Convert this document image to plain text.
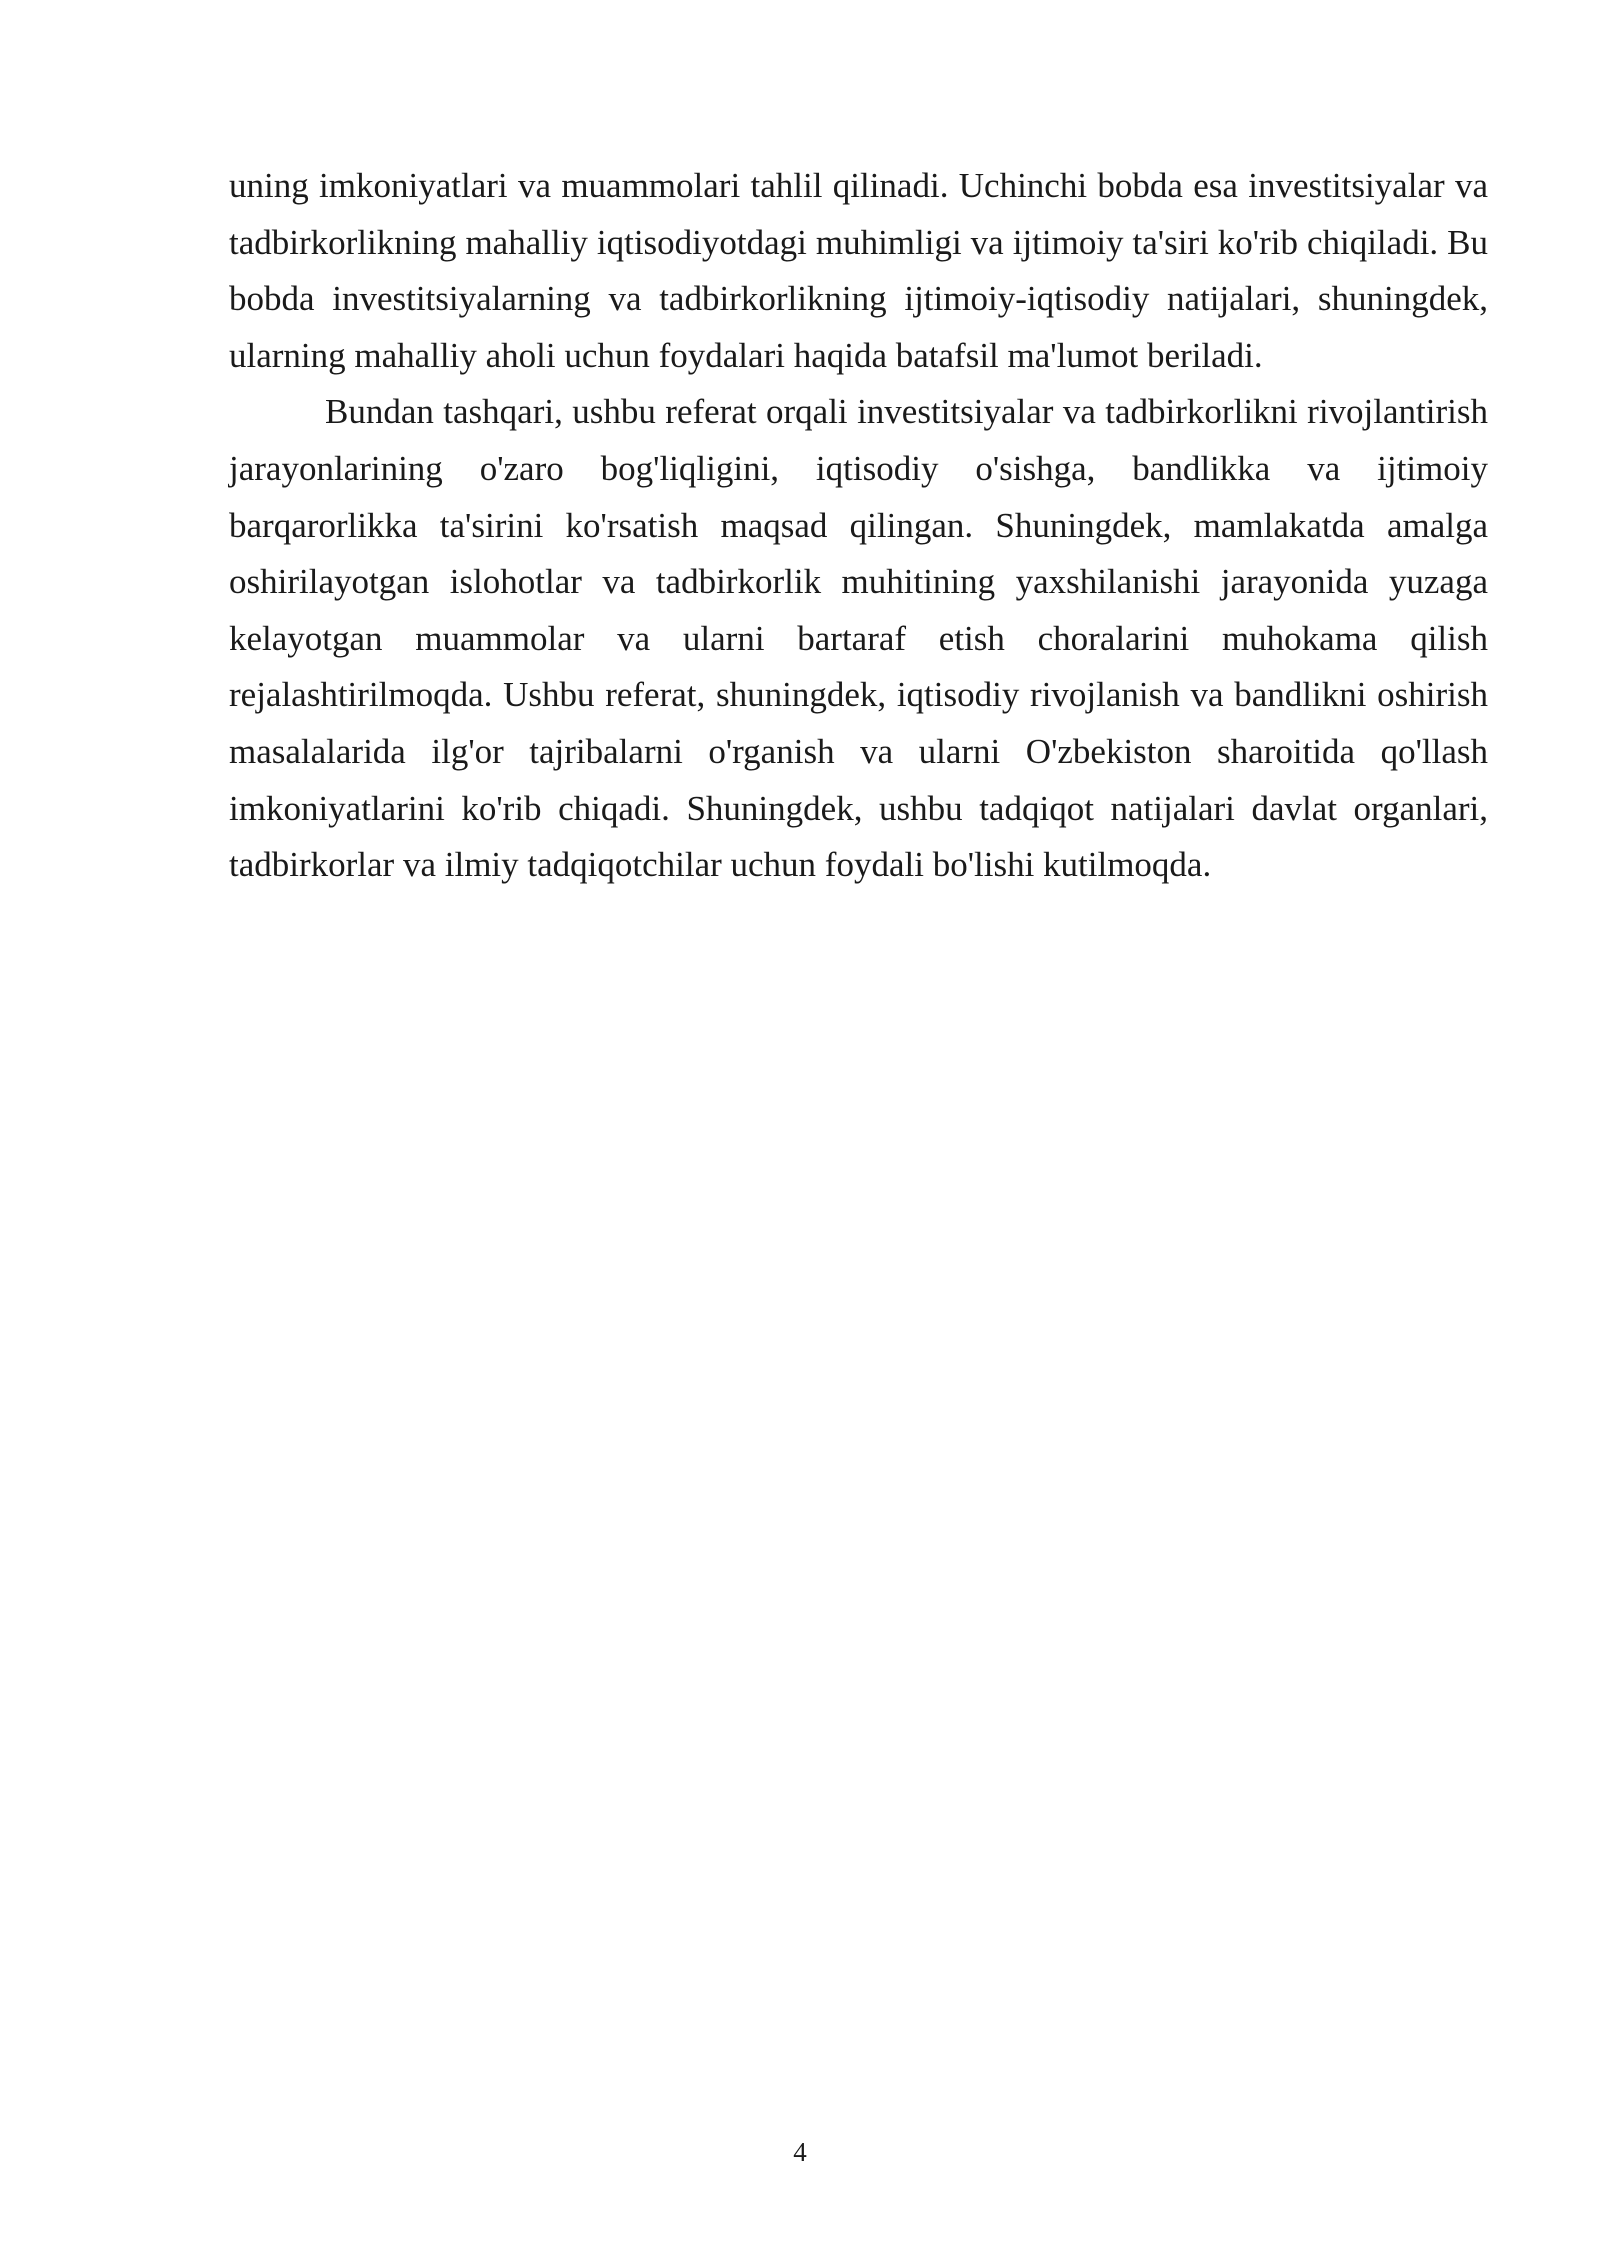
uning imkoniyatlari va muammolari tahlil qilinadi. Uchinchi bobda esa investitsiyalar va tadbirkorlikning mahalliy iqtisodiyotdagi muhimligi va ijtimoiy ta'siri ko'rib chiqiladi. Bu bobda investitsiyalarning va tadbirkorlikning ijtimoiy-iqtisodiy natijalari, shuningdek, ularning mahalliy aholi uchun foydalari haqida batafsil ma'lumot beriladi.

Bundan tashqari, ushbu referat orqali investitsiyalar va tadbirkorlikni rivojlantirish jarayonlarining o'zaro bog'liqligini, iqtisodiy o'sishga, bandlikka va ijtimoiy barqarorlikka ta'sirini ko'rsatish maqsad qilingan. Shuningdek, mamlakatda amalga oshirilayotgan islohotlar va tadbirkorlik muhitining yaxshilanishi jarayonida yuzaga kelayotgan muammolar va ularni bartaraf etish choralarini muhokama qilish rejalashtirilmoqda. Ushbu referat, shuningdek, iqtisodiy rivojlanish va bandlikni oshirish masalalarida ilg'or tajribalarni o'rganish va ularni O'zbekiston sharoitida qo'llash imkoniyatlarini ko'rib chiqadi. Shuningdek, ushbu tadqiqot natijalari davlat organlari, tadbirkorlar va ilmiy tadqiqotchilar uchun foydali bo'lishi kutilmoqda.

4
